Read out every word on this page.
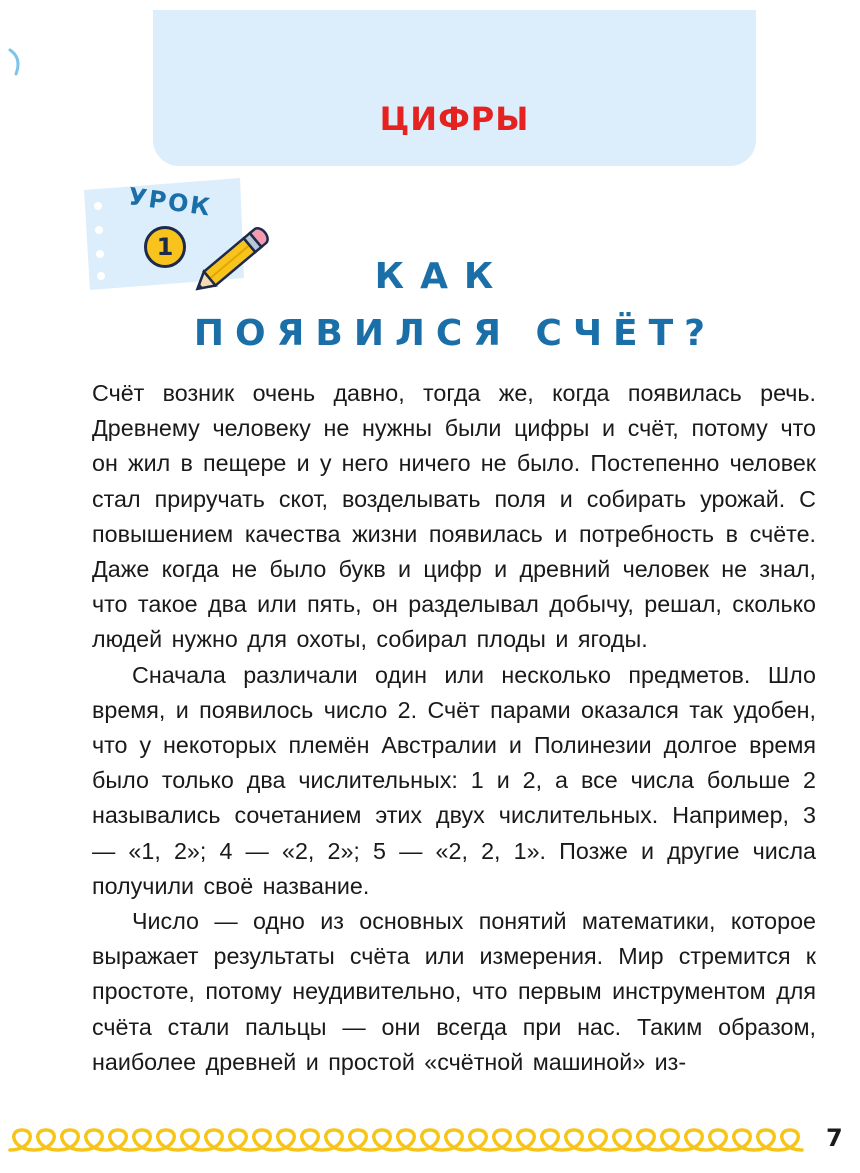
ЦИФРЫ
УРОК
1
КАК
ПОЯВИЛСЯ СЧЁТ?

Счёт возник очень давно, тогда же, когда появилась речь. Древнему человеку не нужны были цифры и счёт, потому что он жил в пещере и у него ничего не было. Постепенно человек стал приручать скот, возделывать поля и собирать урожай. С повышением качества жизни появилась и потребность в счёте. Даже когда не было букв и цифр и древний человек не знал, что такое два или пять, он разделывал добычу, решал, сколько людей нужно для охоты, собирал плоды и ягоды.

Сначала различали один или несколько предметов. Шло время, и появилось число 2. Счёт парами оказался так удобен, что у некоторых племён Австралии и Полинезии долгое время было только два числительных: 1 и 2, а все числа больше 2 назывались сочетанием этих двух числительных. Например, 3 — «1, 2»; 4 — «2, 2»; 5 — «2, 2, 1». Позже и другие числа получили своё название.

Число — одно из основных понятий математики, которое выражает результаты счёта или измерения. Мир стремится к простоте, потому неудивительно, что первым инструментом для счёта стали пальцы — они всегда при нас. Таким образом, наиболее древней и простой «счётной машиной» из-

7
